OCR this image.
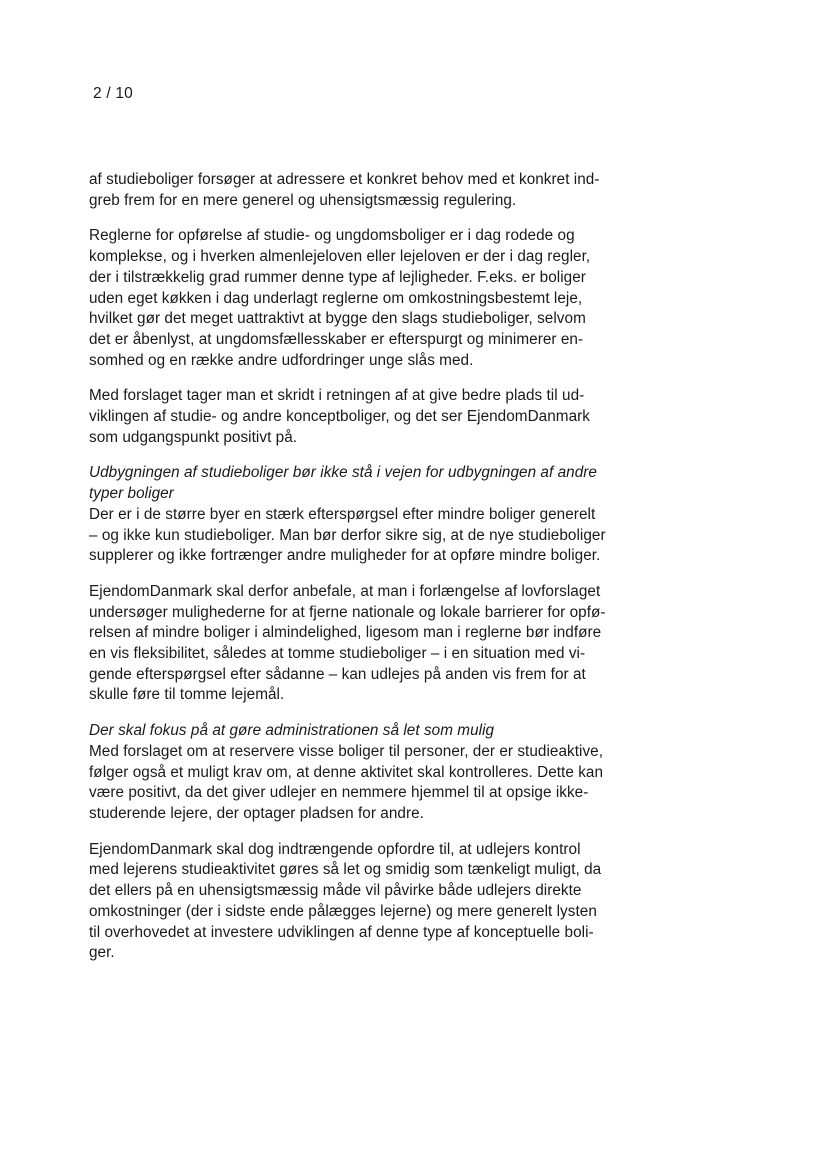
2 / 10

af studieboliger forsøger at adressere et konkret behov med et konkret ind-
greb frem for en mere generel og uhensigtsmæssig regulering.

Reglerne for opførelse af studie- og ungdomsboliger er i dag rodede og
komplekse, og i hverken almenlejeloven eller lejeloven er der i dag regler,
der i tilstrækkelig grad rummer denne type af lejligheder. F.eks. er boliger
uden eget køkken i dag underlagt reglerne om omkostningsbestemt leje,
hvilket gør det meget uattraktivt at bygge den slags studieboliger, selvom
det er åbenlyst, at ungdomsfællesskaber er efterspurgt og minimerer en-
somhed og en række andre udfordringer unge slås med.

Med forslaget tager man et skridt i retningen af at give bedre plads til ud-
viklingen af studie- og andre konceptboliger, og det ser EjendomDanmark
som udgangspunkt positivt på.

Udbygningen af studieboliger bør ikke stå i vejen for udbygningen af andre
typer boliger
Der er i de større byer en stærk efterspørgsel efter mindre boliger generelt
– og ikke kun studieboliger. Man bør derfor sikre sig, at de nye studieboliger
supplerer og ikke fortrænger andre muligheder for at opføre mindre boliger.

EjendomDanmark skal derfor anbefale, at man i forlængelse af lovforslaget
undersøger mulighederne for at fjerne nationale og lokale barrierer for opfø-
relsen af mindre boliger i almindelighed, ligesom man i reglerne bør indføre
en vis fleksibilitet, således at tomme studieboliger – i en situation med vi-
gende efterspørgsel efter sådanne – kan udlejes på anden vis frem for at
skulle føre til tomme lejemål.

Der skal fokus på at gøre administrationen så let som mulig
Med forslaget om at reservere visse boliger til personer, der er studieaktive,
følger også et muligt krav om, at denne aktivitet skal kontrolleres. Dette kan
være positivt, da det giver udlejer en nemmere hjemmel til at opsige ikke-
studerende lejere, der optager pladsen for andre.

EjendomDanmark skal dog indtrængende opfordre til, at udlejers kontrol
med lejerens studieaktivitet gøres så let og smidig som tænkeligt muligt, da
det ellers på en uhensigtsmæssig måde vil påvirke både udlejers direkte
omkostninger (der i sidste ende pålægges lejerne) og mere generelt lysten
til overhovedet at investere udviklingen af denne type af konceptuelle boli-
ger.
